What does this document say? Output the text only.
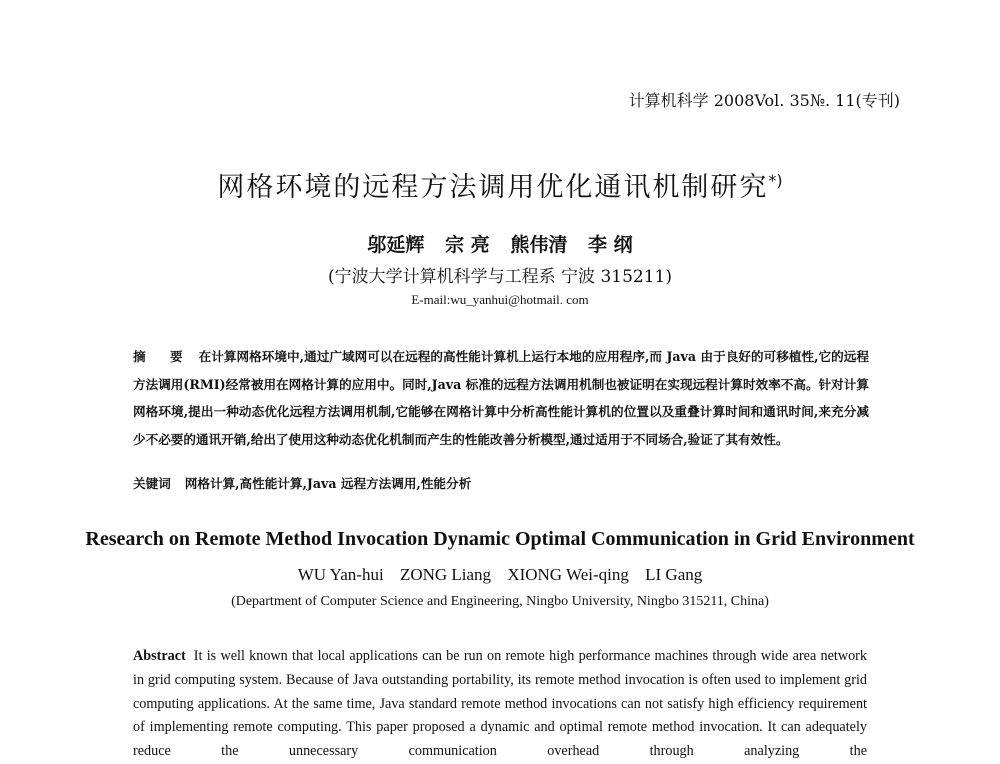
计算机科学 2008Vol. 35№. 11(专刊)
网格环境的远程方法调用优化通讯机制研究*)
邬延辉 宗 亮 熊伟清 李 纲
(宁波大学计算机科学与工程系 宁波 315211)
E-mail:wu_yanhui@hotmail. com
摘 要 在计算网格环境中,通过广域网可以在远程的高性能计算机上运行本地的应用程序,而 Java 由于良好的可移植性,它的远程方法调用(RMI)经常被用在网格计算的应用中。同时,Java 标准的远程方法调用机制也被证明在实现远程计算时效率不高。针对计算网格环境,提出一种动态优化远程方法调用机制,它能够在网格计算中分析高性能计算机的位置以及重叠计算时间和通讯时间,来充分减少不必要的通讯开销,给出了使用这种动态优化机制而产生的性能改善分析模型,通过适用于不同场合,验证了其有效性。
关键词 网格计算,高性能计算,Java 远程方法调用,性能分析
Research on Remote Method Invocation Dynamic Optimal Communication in Grid Environment
WU Yan-hui ZONG Liang XIONG Wei-qing LI Gang
(Department of Computer Science and Engineering, Ningbo University, Ningbo 315211, China)
Abstract It is well known that local applications can be run on remote high performance machines through wide area network in grid computing system. Because of Java outstanding portability, its remote method invocation is often used to implement grid computing applications. At the same time, Java standard remote method invocations can not satisfy high efficiency requirement of implementing remote computing. This paper proposed a dynamic and optimal remote method invocation. It can adequately reduce the unnecessary communication overhead through analyzing the
